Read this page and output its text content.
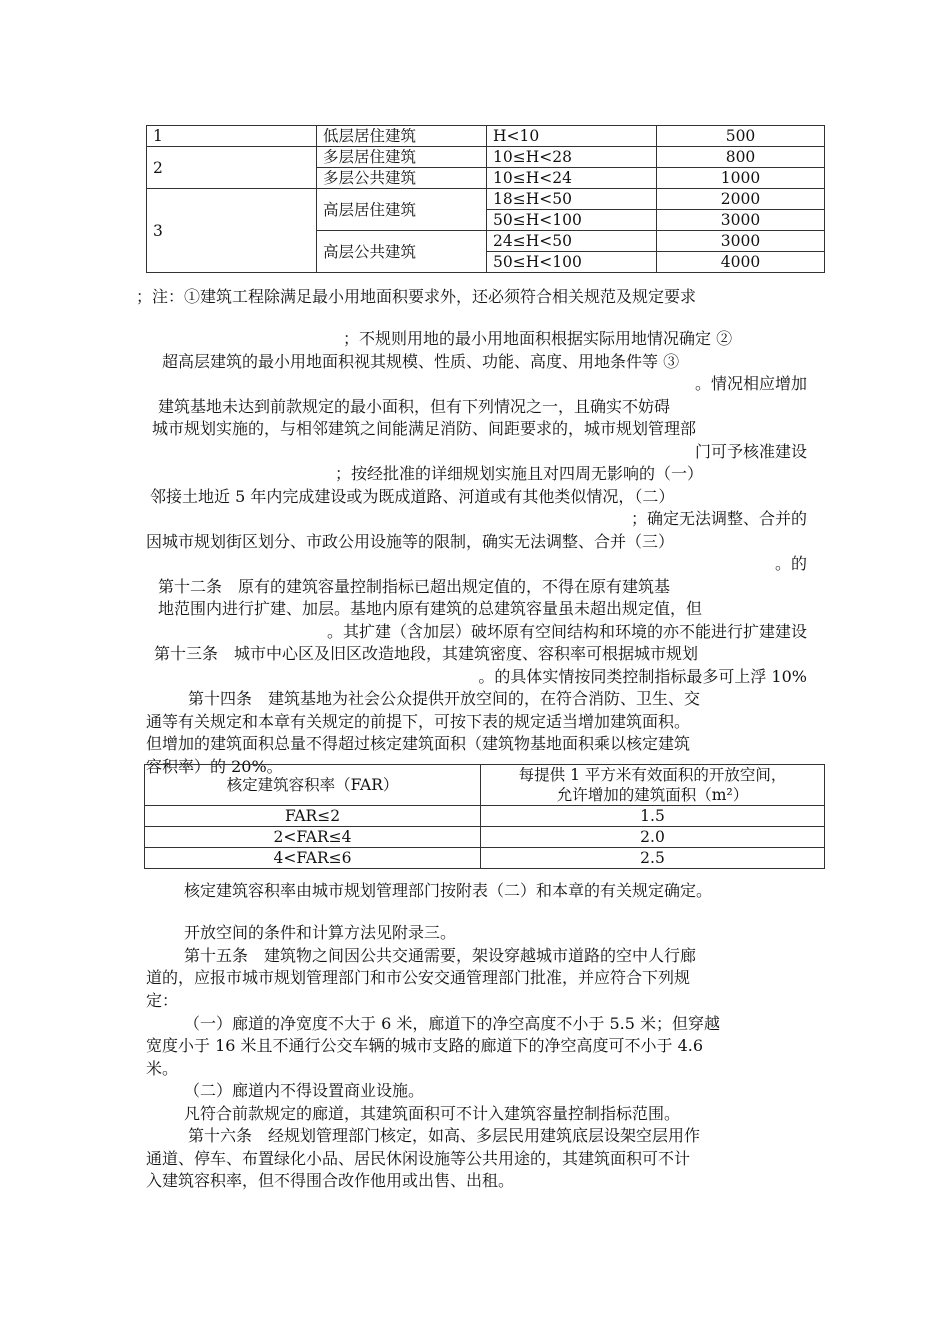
1	低层居住建筑	H<10	500
2	多层居住建筑	10≤H<28	800
	多层公共建筑	10≤H<24	1000
3	高层居住建筑	18≤H<50	2000
		50≤H<100	3000
	高层公共建筑	24≤H<50	3000
		50≤H<100	4000
；注：①建筑工程除满足最小用地面积要求外，还必须符合相关规范及规定要求
；不规则用地的最小用地面积根据实际用地情况确定 ②
超高层建筑的最小用地面积视其规模、性质、功能、高度、用地条件等 ③
。情况相应增加
建筑基地未达到前款规定的最小面积，但有下列情况之一，且确实不妨碍
城市规划实施的，与相邻建筑之间能满足消防、间距要求的，城市规划管理部
门可予核准建设
；按经批准的详细规划实施且对四周无影响的（一）
邻接土地近 5 年内完成建设或为既成道路、河道或有其他类似情况，（二）
；确定无法调整、合并的
因城市规划街区划分、市政公用设施等的限制，确实无法调整、合并（三）
。的
第十二条　原有的建筑容量控制指标已超出规定值的，不得在原有建筑基
地范围内进行扩建、加层。基地内原有建筑的总建筑容量虽未超出规定值，但
。其扩建（含加层）破坏原有空间结构和环境的亦不能进行扩建建设
第十三条　城市中心区及旧区改造地段，其建筑密度、容积率可根据城市规划
。的具体实情按同类控制指标最多可上浮 10%
第十四条　建筑基地为社会公众提供开放空间的，在符合消防、卫生、交
通等有关规定和本章有关规定的前提下，可按下表的规定适当增加建筑面积。
但增加的建筑面积总量不得超过核定建筑面积（建筑物基地面积乘以核定建筑
容积率）的 20%。
核定建筑容积率（FAR）	每提供 1 平方米有效面积的开放空间，
允许增加的建筑面积（m²）

FAR≤2	1.5
2<FAR≤4	2.0
4<FAR≤6	2.5
核定建筑容积率由城市规划管理部门按附表（二）和本章的有关规定确定。
开放空间的条件和计算方法见附录三。
第十五条　建筑物之间因公共交通需要，架设穿越城市道路的空中人行廊
道的，应报市城市规划管理部门和市公安交通管理部门批准，并应符合下列规
定：
（一）廊道的净宽度不大于 6 米，廊道下的净空高度不小于 5.5 米；但穿越
宽度小于 16 米且不通行公交车辆的城市支路的廊道下的净空高度可不小于 4.6
米。
（二）廊道内不得设置商业设施。
凡符合前款规定的廊道，其建筑面积可不计入建筑容量控制指标范围。
第十六条　经规划管理部门核定，如高、多层民用建筑底层设架空层用作
通道、停车、布置绿化小品、居民休闲设施等公共用途的，其建筑面积可不计
入建筑容积率，但不得围合改作他用或出售、出租。
